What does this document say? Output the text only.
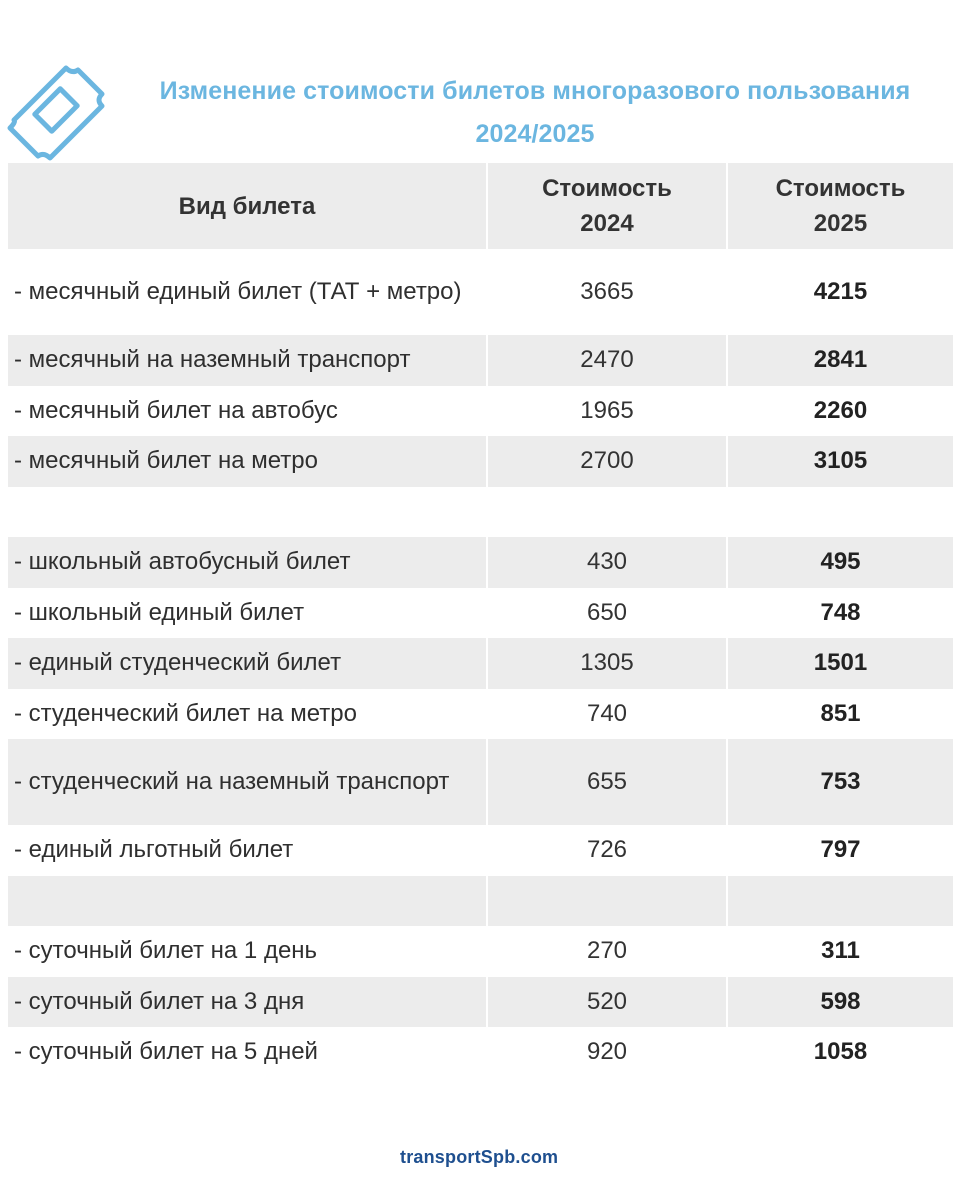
Изменение стоимости билетов многоразового пользования
2024/2025
Вид билета	Стоимость 2024	Стоимость 2025
- месячный единый билет (ТАТ + метро)	3665	4215
- месячный на наземный транспорт	2470	2841
- месячный билет на автобус	1965	2260
- месячный билет на метро	2700	3105

- школьный автобусный билет	430	495
- школьный единый билет	650	748
- единый студенческий билет	1305	1501
- студенческий билет на метро	740	851
- студенческий на наземный транспорт	655	753
- единый льготный билет	726	797

- суточный билет на 1 день	270	311
- суточный билет на 3 дня	520	598
- суточный билет на 5 дней	920	1058
transportSpb.com
